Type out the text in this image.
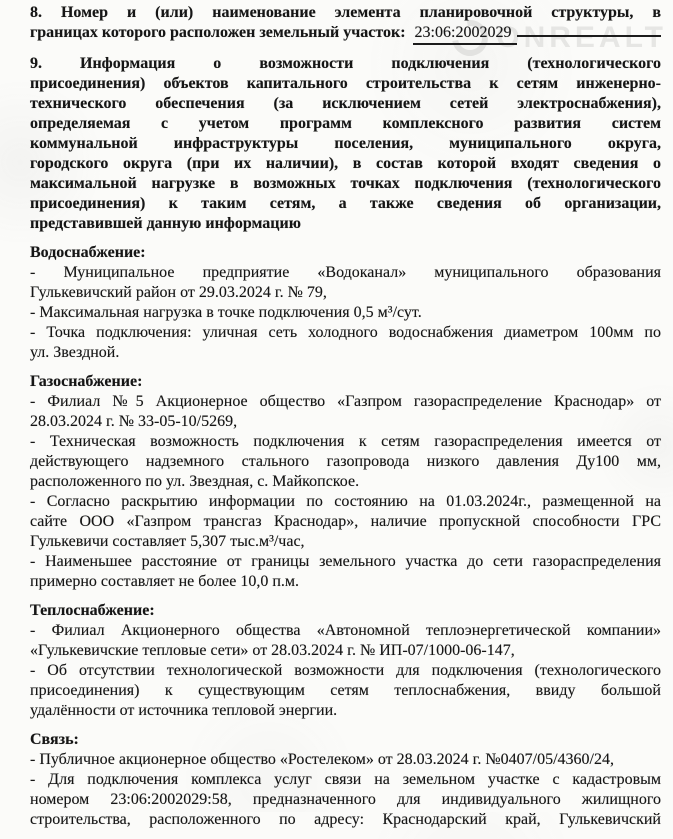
ONREALT
8. Номер и (или) наименование элемента планировочной структуры, в
границах которого расположен земельный участок: 23:06:2002029
9. Информация о возможности подключения (технологического
присоединения) объектов капитального строительства к сетям инженерно-
технического обеспечения (за исключением сетей электроснабжения),
определяемая с учетом программ комплексного развития систем
коммунальной инфраструктуры поселения, муниципального округа,
городского округа (при их наличии), в состав которой входят сведения о
максимальной нагрузке в возможных точках подключения (технологического
присоединения) к таким сетям, а также сведения об организации,
представившей данную информацию
Водоснабжение:
- Муниципальное предприятие «Водоканал» муниципального образования
Гулькевичский район от 29.03.2024 г. № 79,
- Максимальная нагрузка в точке подключения 0,5 м³/сут.
- Точка подключения: уличная сеть холодного водоснабжения диаметром 100мм по
ул. Звездной.
Газоснабжение:
- Филиал №5 Акционерное общество «Газпром газораспределение Краснодар» от
28.03.2024 г. № 33-05-10/5269,
- Техническая возможность подключения к сетям газораспределения имеется от
действующего надземного стального газопровода низкого давления Ду100 мм,
расположенного по ул. Звездная, с. Майкопское.
- Согласно раскрытию информации по состоянию на 01.03.2024г., размещенной на
сайте ООО «Газпром трансгаз Краснодар», наличие пропускной способности ГРС
Гулькевичи составляет 5,307 тыс.м³/час,
- Наименьшее расстояние от границы земельного участка до сети газораспределения
примерно составляет не более 10,0 п.м.
Теплоснабжение:
- Филиал Акционерного общества «Автономной теплоэнергетической компании»
«Гулькевичские тепловые сети» от 28.03.2024 г. № ИП-07/1000-06-147,
- Об отсутствии технологической возможности для подключения (технологического
присоединения) к существующим сетям теплоснабжения, ввиду большой
удалённости от источника тепловой энергии.
Связь:
- Публичное акционерное общество «Ростелеком» от 28.03.2024 г. №0407/05/4360/24,
- Для подключения комплекса услуг связи на земельном участке с кадастровым
номером 23:06:2002029:58, предназначенного для индивидуального жилищного
строительства, расположенного по адресу: Краснодарский край, Гулькевичский
